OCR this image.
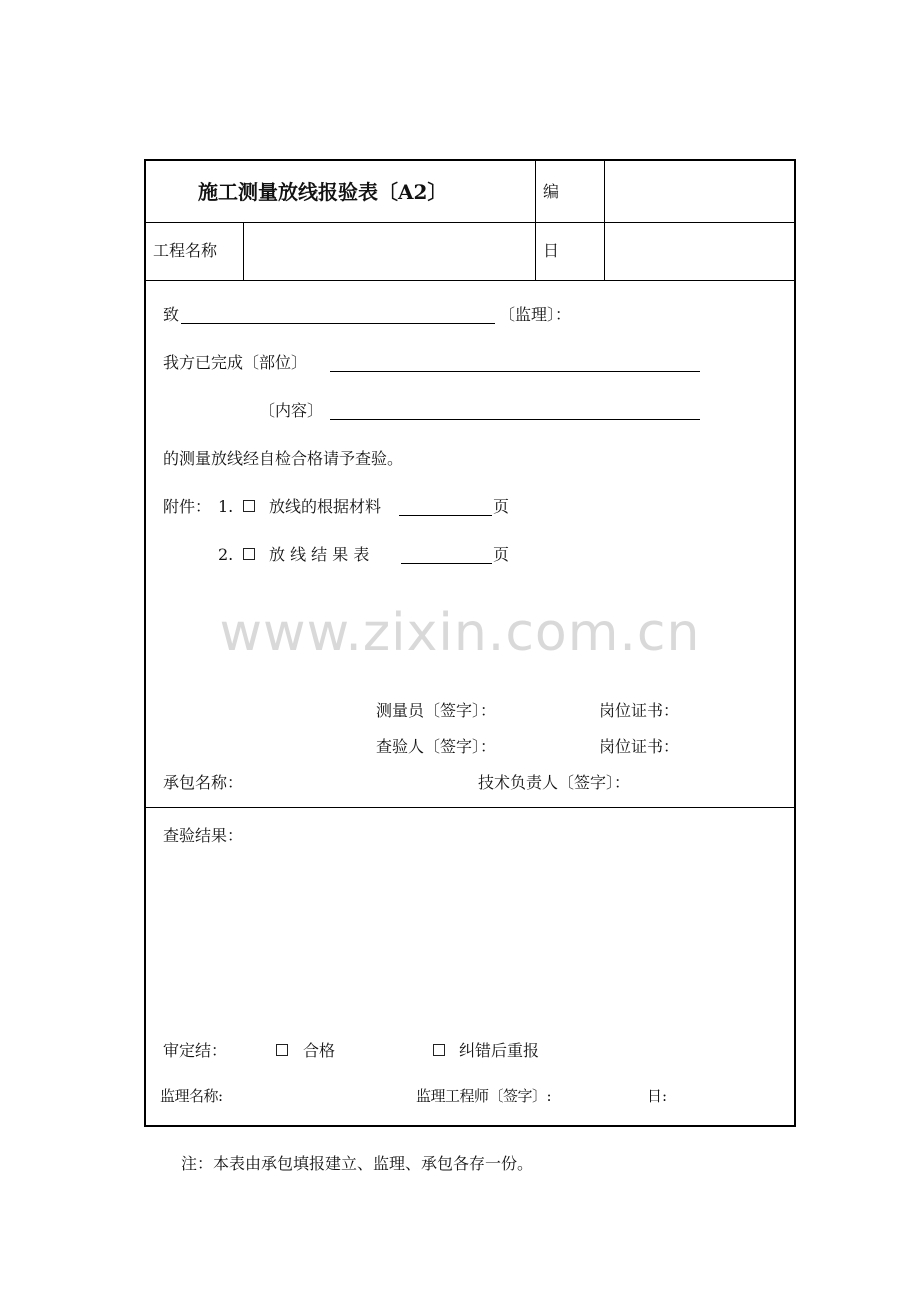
施工测量放线报验表〔A2〕	编
工程名称	日
致	〔监理〕：
我方已完成〔部位〕
〔内容〕
的测量放线经自检合格请予查验。
附件： 1. 放线的根据材料	页
2. 放 线 结 果 表	页
www.zixin.com.cn
测量员〔签字〕：	岗位证书：
查验人〔签字〕：	岗位证书：
承包名称：	技术负责人〔签字〕：
查验结果：
审定结：	合格	纠错后重报
监理名称:	监理工程师〔签字〕:	日:
注：本表由承包填报建立、监理、承包各存一份。
